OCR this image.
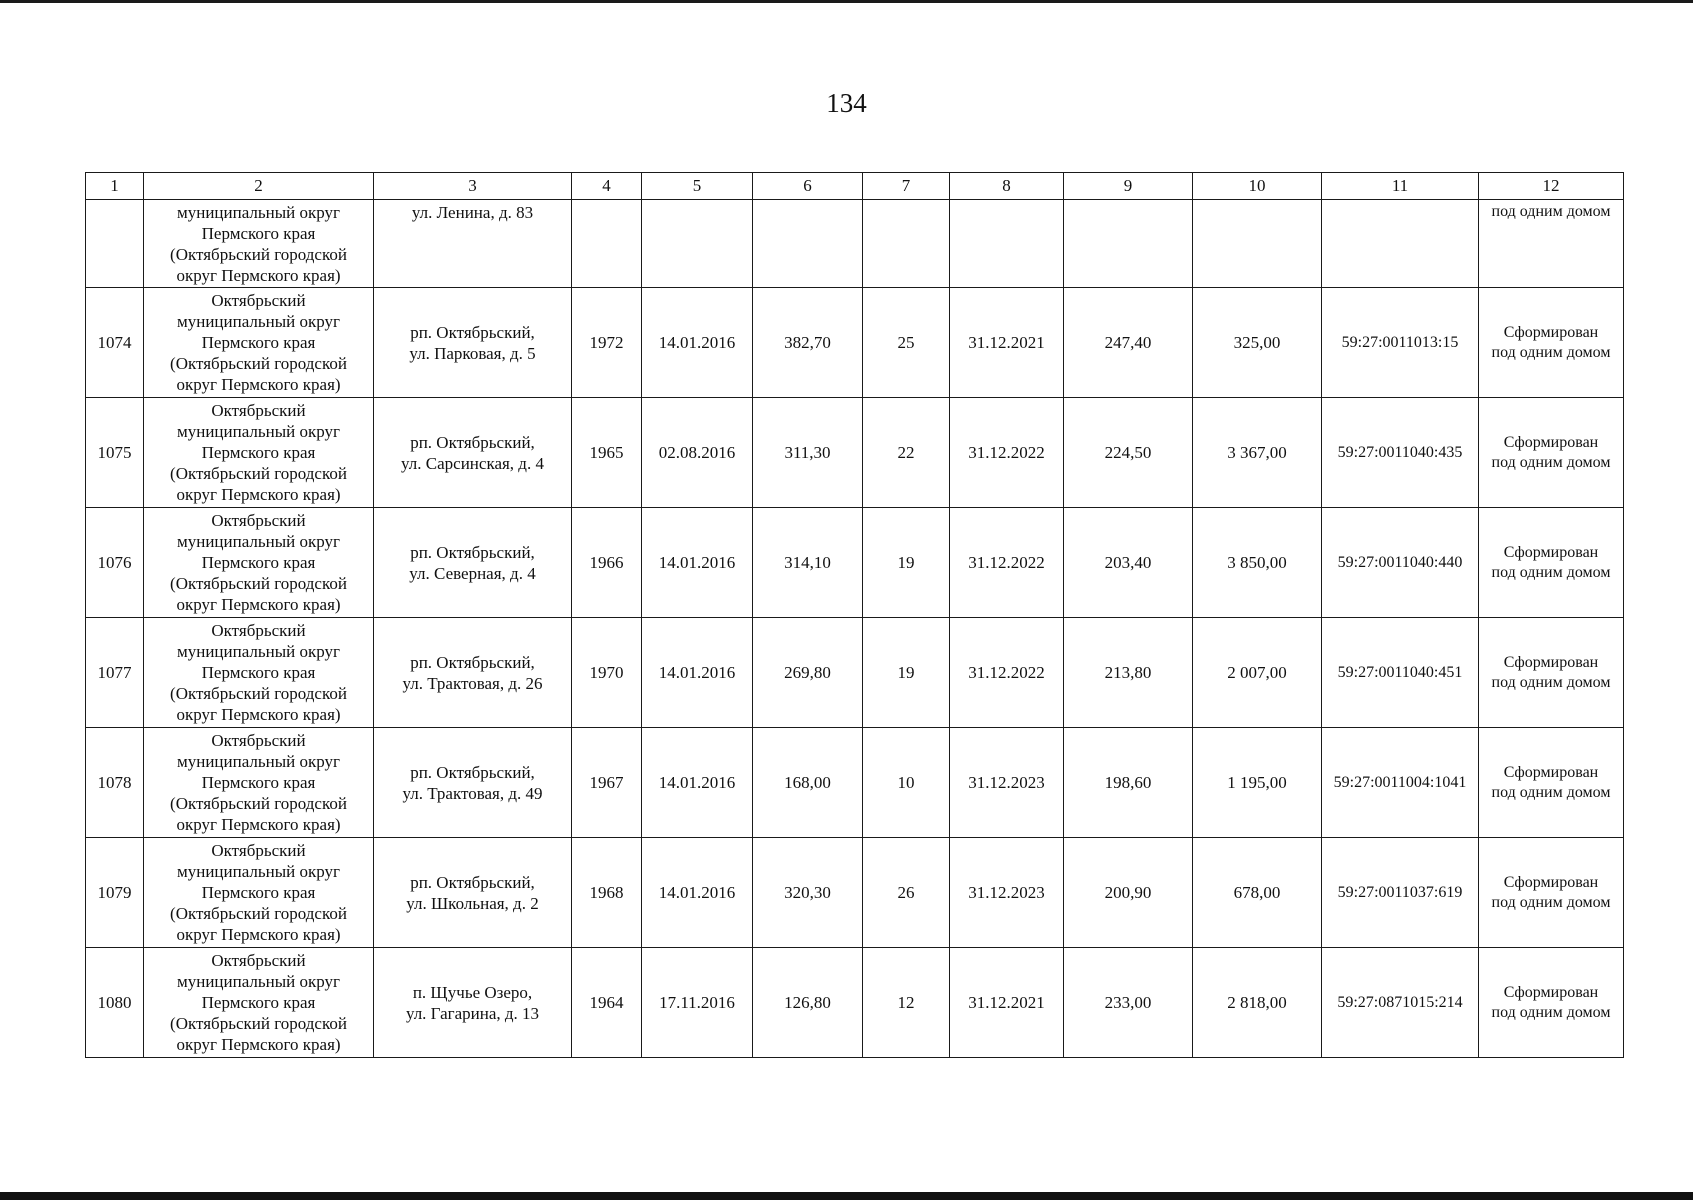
134
1	2	3	4	5	6	7	8	9	10	11	12
	муниципальный округ
Пермского края
(Октябрьский городской
округ Пермского края)	ул. Ленина, д. 83									под одним домом
1074	Октябрьский
муниципальный округ
Пермского края
(Октябрьский городской
округ Пермского края)	рп. Октябрьский,
ул. Парковая, д. 5	1972	14.01.2016	382,70	25	31.12.2021	247,40	325,00	59:27:0011013:15	Сформирован
под одним домом

1075	Октябрьский
муниципальный округ
Пермского края
(Октябрьский городской
округ Пермского края)	рп. Октябрьский,
ул. Сарсинская, д. 4	1965	02.08.2016	311,30	22	31.12.2022	224,50	3 367,00	59:27:0011040:435	Сформирован
под одним домом

1076	Октябрьский
муниципальный округ
Пермского края
(Октябрьский городской
округ Пермского края)	рп. Октябрьский,
ул. Северная, д. 4	1966	14.01.2016	314,10	19	31.12.2022	203,40	3 850,00	59:27:0011040:440	Сформирован
под одним домом

1077	Октябрьский
муниципальный округ
Пермского края
(Октябрьский городской
округ Пермского края)	рп. Октябрьский,
ул. Трактовая, д. 26	1970	14.01.2016	269,80	19	31.12.2022	213,80	2 007,00	59:27:0011040:451	Сформирован
под одним домом

1078	Октябрьский
муниципальный округ
Пермского края
(Октябрьский городской
округ Пермского края)	рп. Октябрьский,
ул. Трактовая, д. 49	1967	14.01.2016	168,00	10	31.12.2023	198,60	1 195,00	59:27:0011004:1041	Сформирован
под одним домом

1079	Октябрьский
муниципальный округ
Пермского края
(Октябрьский городской
округ Пермского края)	рп. Октябрьский,
ул. Школьная, д. 2	1968	14.01.2016	320,30	26	31.12.2023	200,90	678,00	59:27:0011037:619	Сформирован
под одним домом

1080	Октябрьский
муниципальный округ
Пермского края
(Октябрьский городской
округ Пермского края)	п. Щучье Озеро,
ул. Гагарина, д. 13	1964	17.11.2016	126,80	12	31.12.2021	233,00	2 818,00	59:27:0871015:214	Сформирован
под одним домом
